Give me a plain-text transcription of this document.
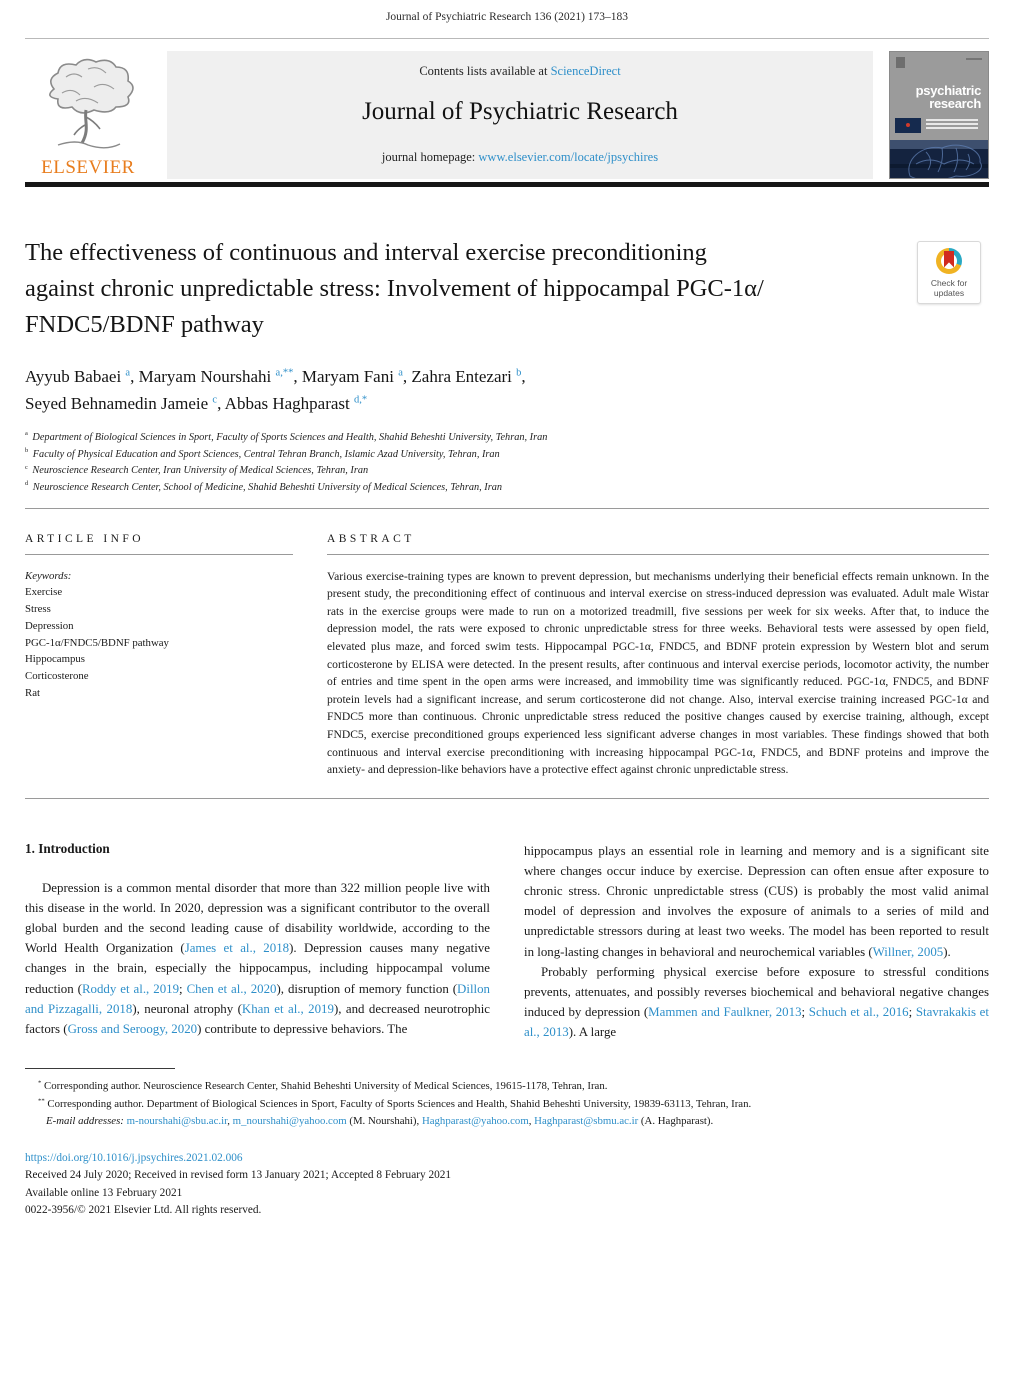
Journal of Psychiatric Research 136 (2021) 173–183
ELSEVIER
Contents lists available at ScienceDirect
Journal of Psychiatric Research
journal homepage: www.elsevier.com/locate/jpsychires
psychiatric
research
The effectiveness of continuous and interval exercise preconditioning
against chronic unpredictable stress: Involvement of hippocampal PGC-1α/
FNDC5/BDNF pathway
Check for
updates
Ayyub Babaei $^a$, Maryam Nourshahi $^{a,**}$, Maryam Fani $^a$, Zahra Entezari $^b$,
Seyed Behnamedin Jameie $^c$, Abbas Haghparast $^{d,*}$
$^a$ Department of Biological Sciences in Sport, Faculty of Sports Sciences and Health, Shahid Beheshti University, Tehran, Iran
$^b$ Faculty of Physical Education and Sport Sciences, Central Tehran Branch, Islamic Azad University, Tehran, Iran
$^c$ Neuroscience Research Center, Iran University of Medical Sciences, Tehran, Iran
$^d$ Neuroscience Research Center, School of Medicine, Shahid Beheshti University of Medical Sciences, Tehran, Iran
ARTICLE INFO
Keywords:
Exercise
Stress
Depression
PGC-1α/FNDC5/BDNF pathway
Hippocampus
Corticosterone
Rat
ABSTRACT
Various exercise-training types are known to prevent depression, but mechanisms underlying their beneficial effects remain unknown. In the present study, the preconditioning effect of continuous and interval exercise on stress-induced depression was evaluated. Adult male Wistar rats in the exercise groups were made to run on a motorized treadmill, five sessions per week for six weeks. After that, to induce the depression model, the rats were exposed to chronic unpredictable stress for three weeks. Behavioral tests were assessed by open field, elevated plus maze, and forced swim tests. Hippocampal PGC-1α, FNDC5, and BDNF protein expression by Western blot and serum corticosterone by ELISA were detected. In the present results, after continuous and interval exercise periods, locomotor activity, the number of entries and time spent in the open arms were increased, and immobility time was significantly reduced. PGC-1α, FNDC5, and BDNF protein levels had a significant increase, and serum corticosterone did not change. Also, interval exercise training increased PGC-1α and FNDC5 more than continuous. Chronic unpredictable stress reduced the positive changes caused by exercise training, although, except FNDC5, exercise preconditioned groups experienced less significant adverse changes in most variables. These findings showed that both continuous and interval exercise preconditioning with increasing hippocampal PGC-1α, FNDC5, and BDNF proteins and improve the anxiety- and depression-like behaviors have a protective effect against chronic unpredictable stress.
1. Introduction

Depression is a common mental disorder that more than 322 million people live with this disease in the world. In 2020, depression was a significant contributor to the overall global burden and the second leading cause of disability worldwide, according to the World Health Organization (James et al., 2018). Depression causes many negative changes in the brain, especially the hippocampus, including hippocampal volume reduction (Roddy et al., 2019; Chen et al., 2020), disruption of memory function (Dillon and Pizzagalli, 2018), neuronal atrophy (Khan et al., 2019), and decreased neurotrophic factors (Gross and Seroogy, 2020) contribute to depressive behaviors. The

hippocampus plays an essential role in learning and memory and is a significant site where changes occur induce by exercise. Depression can often ensue after exposure to chronic stress. Chronic unpredictable stress (CUS) is probably the most valid animal model of depression and involves the exposure of animals to a series of mild and unpredictable stressors during at least two weeks. The model has been reported to result in long-lasting changes in behavioral and neurochemical variables (Willner, 2005).

Probably performing physical exercise before exposure to stressful conditions prevents, attenuates, and possibly reverses biochemical and behavioral negative changes induced by depression (Mammen and Faulkner, 2013; Schuch et al., 2016; Stavrakakis et al., 2013). A large

* Corresponding author. Neuroscience Research Center, Shahid Beheshti University of Medical Sciences, 19615-1178, Tehran, Iran.
** Corresponding author. Department of Biological Sciences in Sport, Faculty of Sports Sciences and Health, Shahid Beheshti University, 19839-63113, Tehran, Iran.
E-mail addresses: m-nourshahi@sbu.ac.ir, m_nourshahi@yahoo.com (M. Nourshahi), Haghparast@yahoo.com, Haghparast@sbmu.ac.ir (A. Haghparast).
https://doi.org/10.1016/j.jpsychires.2021.02.006
Received 24 July 2020; Received in revised form 13 January 2021; Accepted 8 February 2021
Available online 13 February 2021
0022-3956/© 2021 Elsevier Ltd. All rights reserved.
